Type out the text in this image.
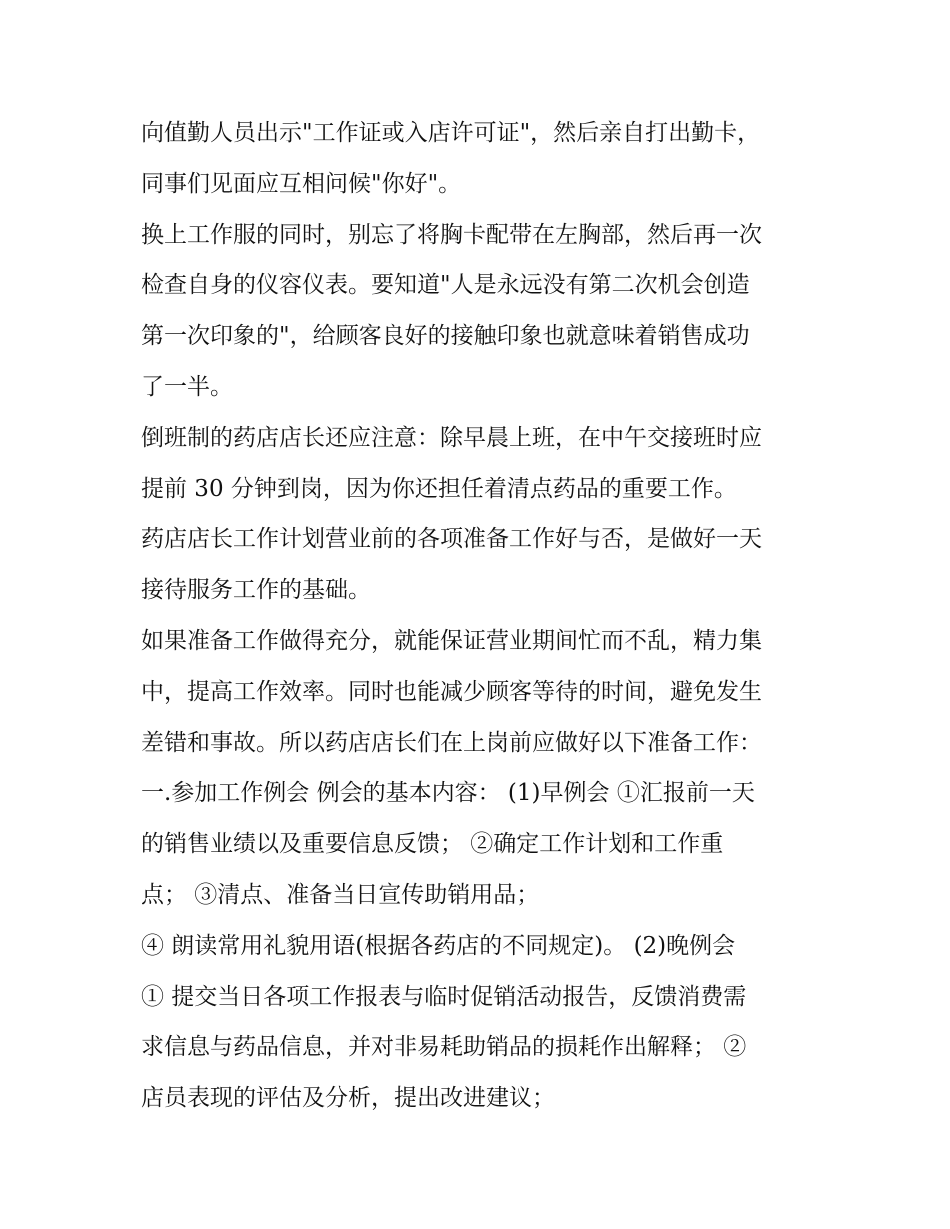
向值勤人员出示"工作证或入店许可证"，然后亲自打出勤卡，
同事们见面应互相问候"你好"。
换上工作服的同时，别忘了将胸卡配带在左胸部，然后再一次
检查自身的仪容仪表。要知道"人是永远没有第二次机会创造
第一次印象的"，给顾客良好的接触印象也就意味着销售成功
了一半。
倒班制的药店店长还应注意：除早晨上班，在中午交接班时应
提前 30 分钟到岗，因为你还担任着清点药品的重要工作。
药店店长工作计划营业前的各项准备工作好与否，是做好一天
接待服务工作的基础。
如果准备工作做得充分，就能保证营业期间忙而不乱，精力集
中，提高工作效率。同时也能减少顾客等待的时间，避免发生
差错和事故。所以药店店长们在上岗前应做好以下准备工作：
一.参加工作例会 例会的基本内容： (1)早例会 ①汇报前一天
的销售业绩以及重要信息反馈； ②确定工作计划和工作重
点； ③清点、准备当日宣传助销用品；
④ 朗读常用礼貌用语(根据各药店的不同规定)。 (2)晚例会
① 提交当日各项工作报表与临时促销活动报告，反馈消费需
求信息与药品信息，并对非易耗助销品的损耗作出解释； ②
店员表现的评估及分析，提出改进建议；
